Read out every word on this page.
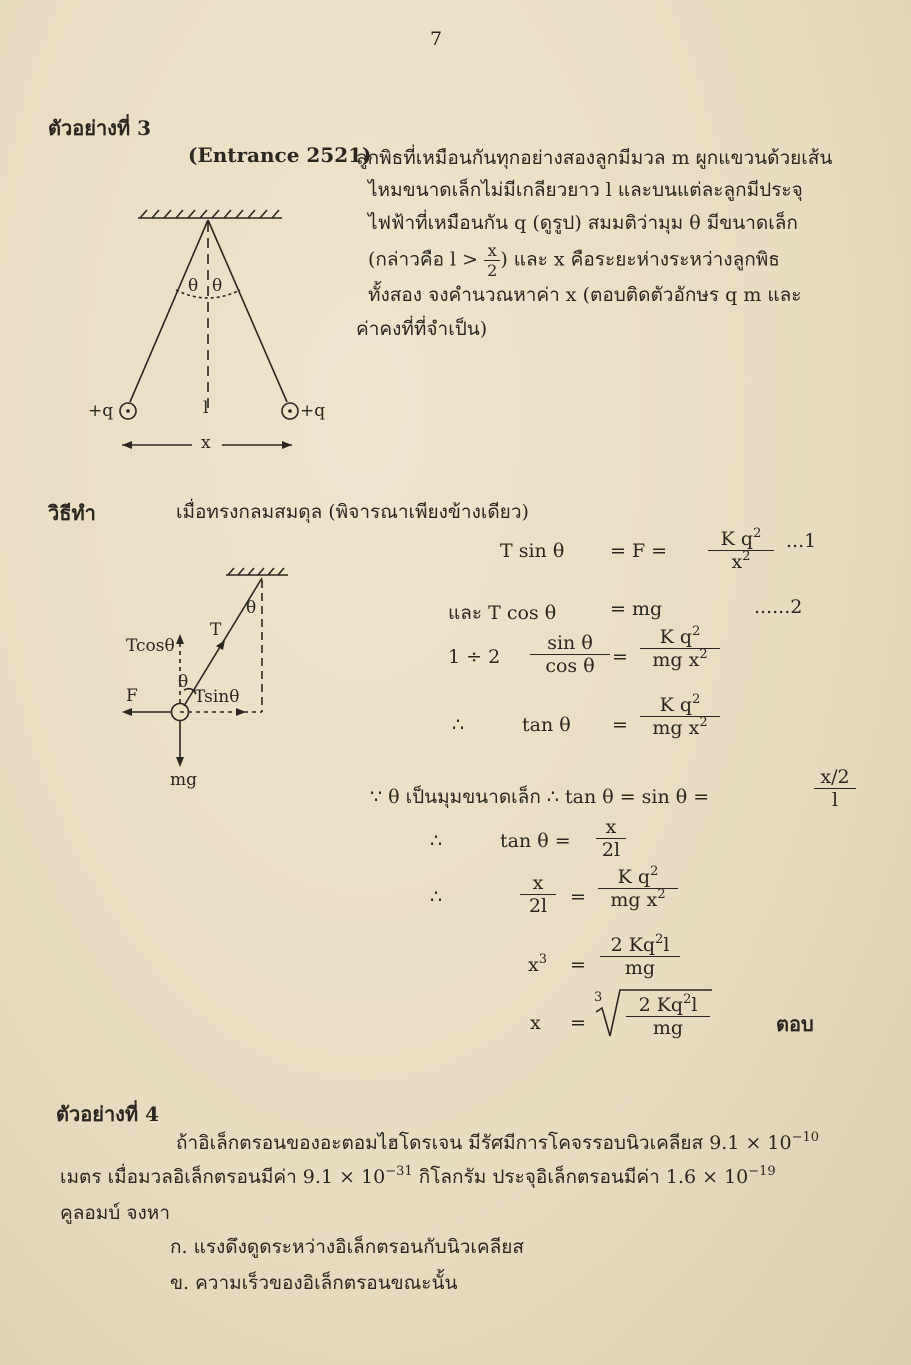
7
ตัวอย่างที่ 3
(Entrance 2521)
ลูกพิธที่เหมือนกันทุกอย่างสองลูกมีมวล m ผูกแขวนด้วยเส้น
ไหมขนาดเล็กไม่มีเกลียวยาว l และบนแต่ละลูกมีประจุ
ไฟฟ้าที่เหมือนกัน q (ดูรูป) สมมติว่ามุม θ มีขนาดเล็ก
(กล่าวคือ $l > \frac{x}{2}$ ) และ x คือระยะห่างระหว่างลูกพิธ
ทั้งสอง จงคำนวณหาค่า x (ตอบติดตัวอักษร q m และ
ค่าคงที่ที่จำเป็น)
θ θ
+q	+q
l
x
วิธีทำ	เมื่อทรงกลมสมดุล (พิจารณาเพียงข้างเดียว)
θ
T
Tcosθ
θ
Tsinθ
F
mg
T sin θ = F =
K $q^2$
$x^2$
...1
และ T cos θ	= mg	......2
1 ÷ 2
sin θ
cos θ =
K $q^2$
mg $x^2$
∴	tan θ =
K $q^2$
mg $x^2$
∵ θ เป็นมุมขนาดเล็ก ∴ tan θ = sin θ =	$\frac{x/2}{l}$
∴	$\tan \theta = \frac{x}{2l}$
∴
x
2l	=
K $q^2$
mg $x^2$
$x^3$ =
2 Kq$^2$l
mg
x =
3	2 Kq$^2$l
mg	ตอบ
ตัวอย่างที่ 4
ถ้าอิเล็กตรอนของอะตอมไฮโดรเจน มีรัศมีการโคจรรอบนิวเคลียส $9.1 \times 10^{-10}$
เมตร เมื่อมวลอิเล็กตรอนมีค่า $9.1 \times 10^{-31}$ กิโลกรัม ประจุอิเล็กตรอนมีค่า $1.6 \times 10^{-19}$
คูลอมบ์ จงหา
ก. แรงดึงดูดระหว่างอิเล็กตรอนกับนิวเคลียส
ข. ความเร็วของอิเล็กตรอนขณะนั้น
